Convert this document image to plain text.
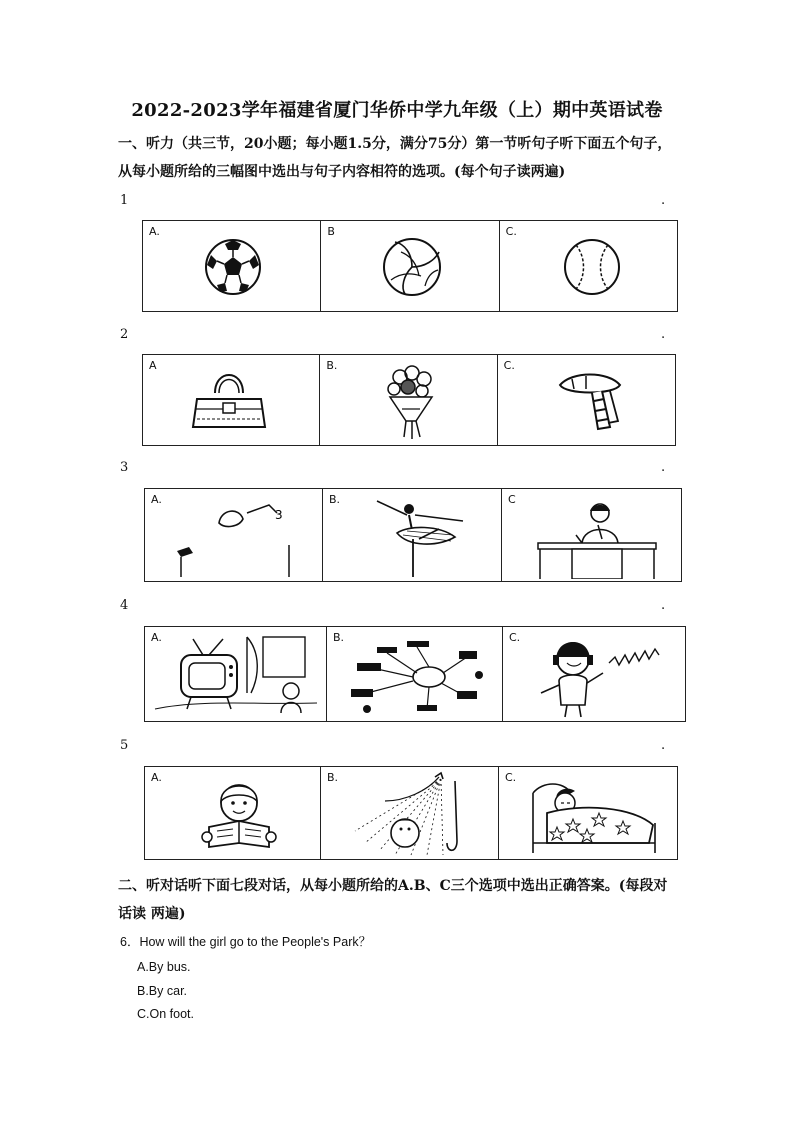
2022-2023学年福建省厦门华侨中学九年级（上）期中英语试卷
一、听力（共三节，20小题；每小题1.5分，满分75分）第一节听句子听下面五个句子，
从每小题所给的三幅图中选出与句子内容相符的选项。(每个句子读两遍)
1	.
A.	B	C.
2	.
A	B.	C.
3	.
A.
3
B.	C
4	.
A.	B.	C.
5	.
A.	B.	C.
二、听对话听下面七段对话，从每小题所给的A.B、C三个选项中选出正确答案。(每段对
话读 两遍)
6．How will the girl go to the People's Park？
A.By bus.
B.By car.
C.On foot.
